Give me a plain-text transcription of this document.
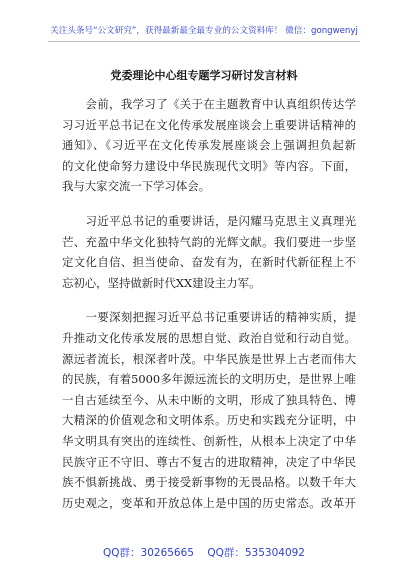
关注头条号“公文研究”，获得最新最全最专业的公文资料库！ 微信：gongwenyj
党委理论中心组专题学习研讨发言材料

　　会前，我学习了《关于在主题教育中认真组织传达学
习习近平总书记在文化传承发展座谈会上重要讲话精神的
通知》、《习近平在文化传承发展座谈会上强调担负起新
的文化使命努力建设中华民族现代文明》等内容。下面，
我与大家交流一下学习体会。

　　习近平总书记的重要讲话，是闪耀马克思主义真理光
芒、充盈中华文化独特气韵的光辉文献。我们要进一步坚
定文化自信、担当使命、奋发有为，在新时代新征程上不
忘初心，坚持做新时代XX建设主力军。

　　一要深刻把握习近平总书记重要讲话的精神实质，提
升推动文化传承发展的思想自觉、政治自觉和行动自觉。
源远者流长，根深者叶茂。中华民族是世界上古老而伟大
的民族，有着5000多年源远流长的文明历史，是世界上唯
一自古延续至今、从未中断的文明，形成了独具特色、博
大精深的价值观念和文明体系。历史和实践充分证明，中
华文明具有突出的连续性、创新性，从根本上决定了中华
民族守正不守旧、尊古不复古的进取精神，决定了中华民
族不惧新挑战、勇于接受新事物的无畏品格。以数千年大
历史观之，变革和开放总体上是中国的历史常态。改革开

QQ群：30265665 QQ群：535304092
